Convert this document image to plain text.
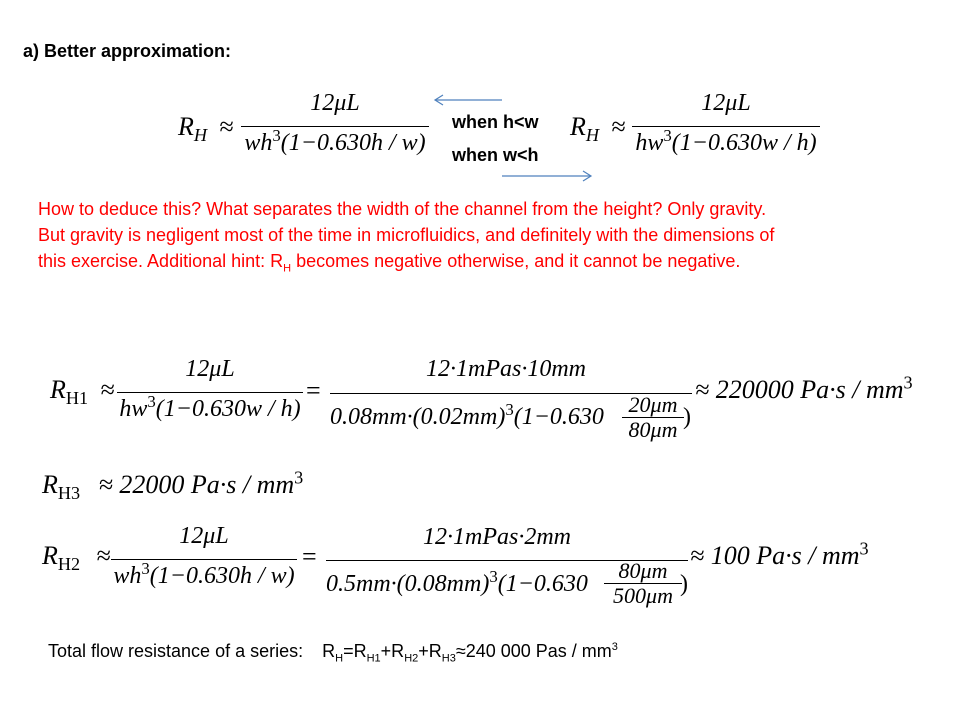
a) Better approximation:
$R_H$ ≈
12μL
$wh^3(1-0.630h / w)$
when h<w
when w<h
$R_H$ ≈
12μL
$hw^3(1-0.630w / h)$
How to deduce this? What separates the width of the channel from the height? Only gravity.
But gravity is negligent most of the time in microfluidics, and definitely with the dimensions of
this exercise. Additional hint: $R_H$ becomes negative otherwise, and it cannot be negative.
$R_{H1}$ ≈
12μL
$hw^3(1-0.630w / h)$
=
12·1mPas·10mm
$0.08mm\cdot(0.02mm)^3(1-0.630$ 20μm
80μm )
≈ 220000 $Pa\cdot s / mm^3$
$R_{H3} \approx 22000$ $Pa\cdot s / mm^3$
$R_{H2}$ ≈
12μL
$wh^3(1-0.630h / w)$
=
12·1mPas·2mm
$0.5mm\cdot(0.08mm)^3(1-0.630$
80μm
500μm )
≈ 100 $Pa\cdot s / mm^3$
Total flow resistance of a series: $R_H=R_{H1}+R_{H2}+R_{H3}\approx 240$ 000 Pas / $mm^3$
